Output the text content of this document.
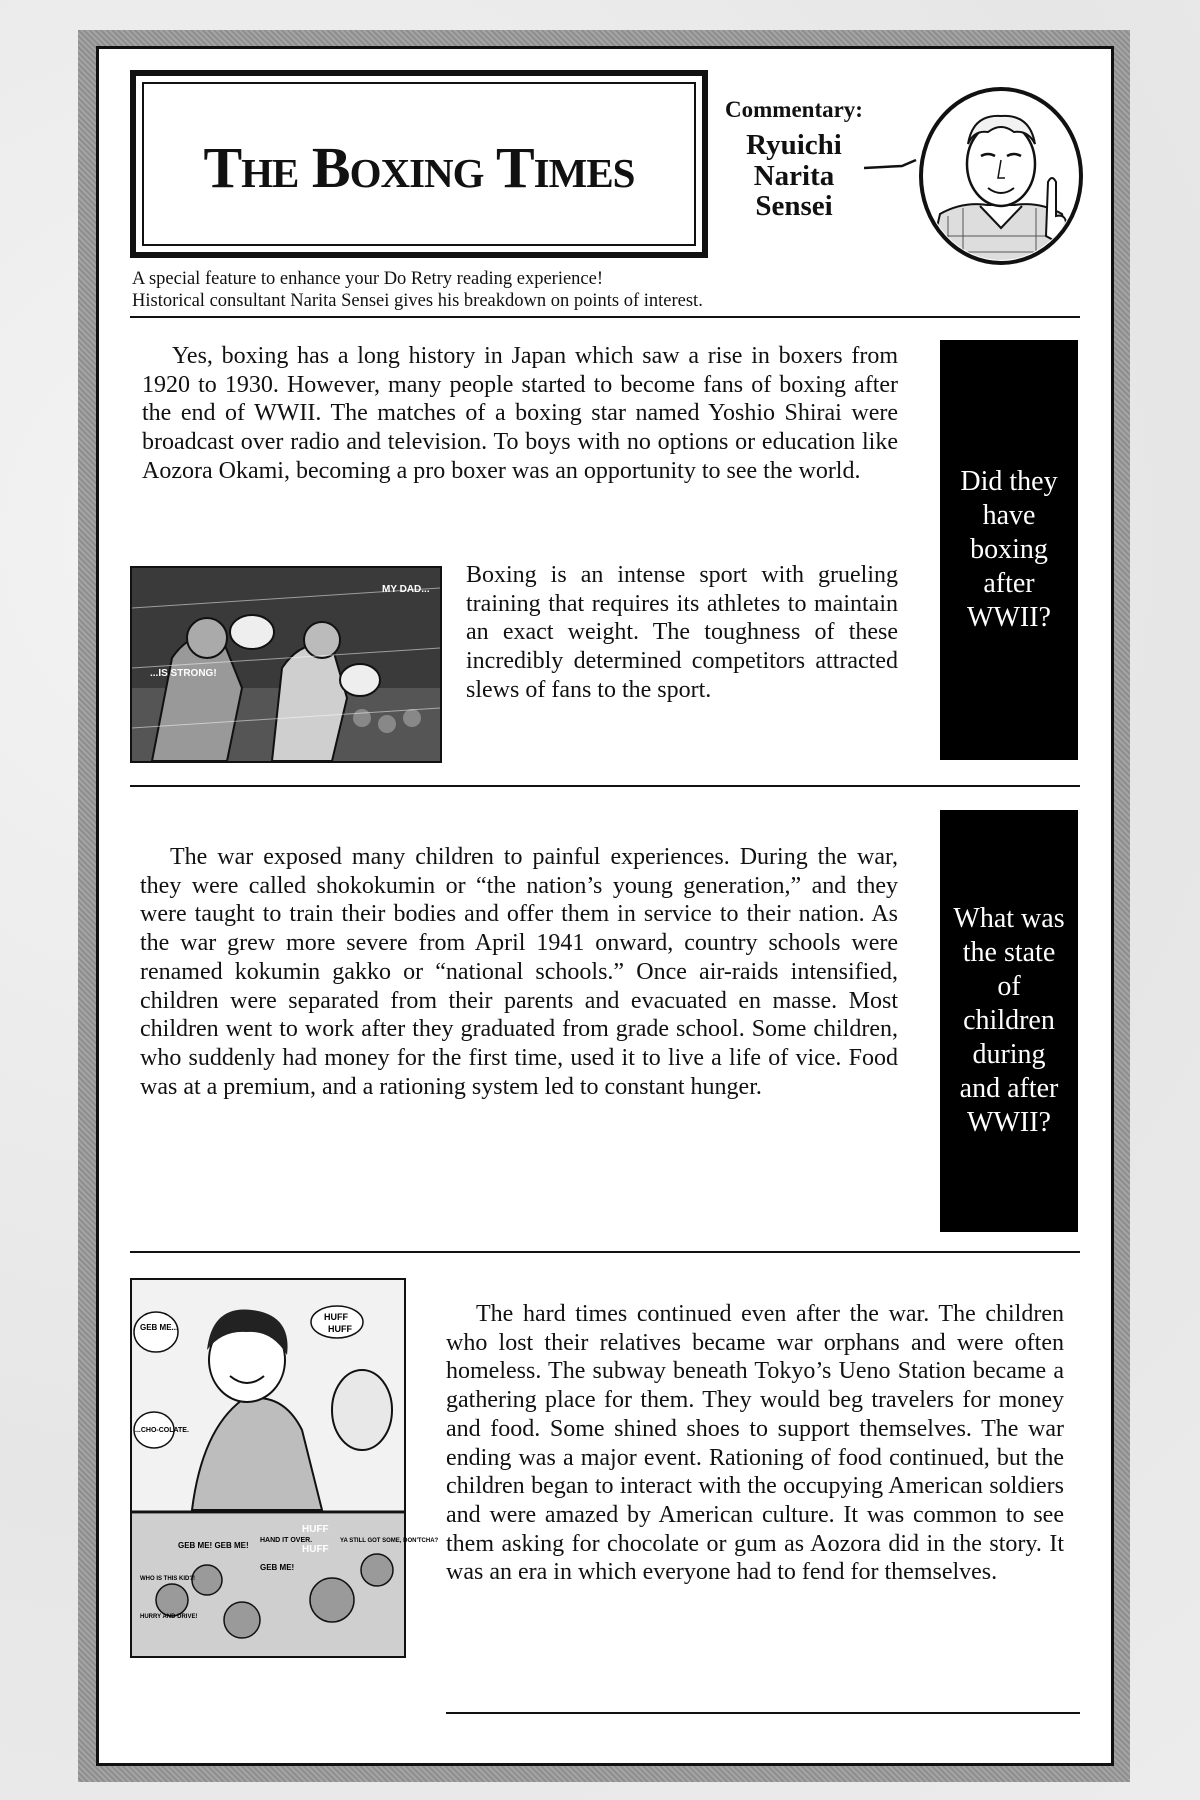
The Boxing Times
Commentary:
Ryuichi Narita Sensei
A special feature to enhance your Do Retry reading experience!
Historical consultant Narita Sensei gives his breakdown on points of interest.

Yes, boxing has a long history in Japan which saw a rise in boxers from 1920 to 1930. However, many people started to become fans of boxing after the end of WWII. The matches of a boxing star named Yoshio Shirai were broadcast over radio and television. To boys with no options or education like Aozora Okami, becoming a pro boxer was an opportunity to see the world.

MY DAD...
...IS STRONG!

Boxing is an intense sport with grueling training that requires its athletes to maintain an exact weight. The toughness of these incredibly determined competitors attracted slews of fans to the sport.

Did they have boxing after WWII?

The war exposed many children to painful experiences. During the war, they were called shokokumin or “the nation’s young generation,” and they were taught to train their bodies and offer them in service to their nation. As the war grew more severe from April 1941 onward, country schools were renamed kokumin gakko or “national schools.” Once air-raids intensified, children were separated from their parents and evacuated en masse. Most children went to work after they graduated from grade school. Some children, who suddenly had money for the first time, used it to live a life of vice. Food was at a premium, and a rationing system led to constant hunger.

What was the state of children during and after WWII?
HUFF
HUFF
GEB ME...
...CHO-COLATE.
GEB ME! GEB ME!
HAND IT OVER.
HUFF
HUFF
YA STILL GOT SOME, DON'TCHA?
GEB ME!
WHO IS THIS KID?!
HURRY AND DRIVE!

The hard times continued even after the war. The children who lost their relatives became war orphans and were often homeless. The subway beneath Tokyo’s Ueno Station became a gathering place for them. They would beg travelers for money and food. Some shined shoes to support themselves. The war ending was a major event. Rationing of food continued, but the children began to interact with the occupying American soldiers and were amazed by American culture. It was common to see them asking for chocolate or gum as Aozora did in the story. It was an era in which everyone had to fend for themselves.
